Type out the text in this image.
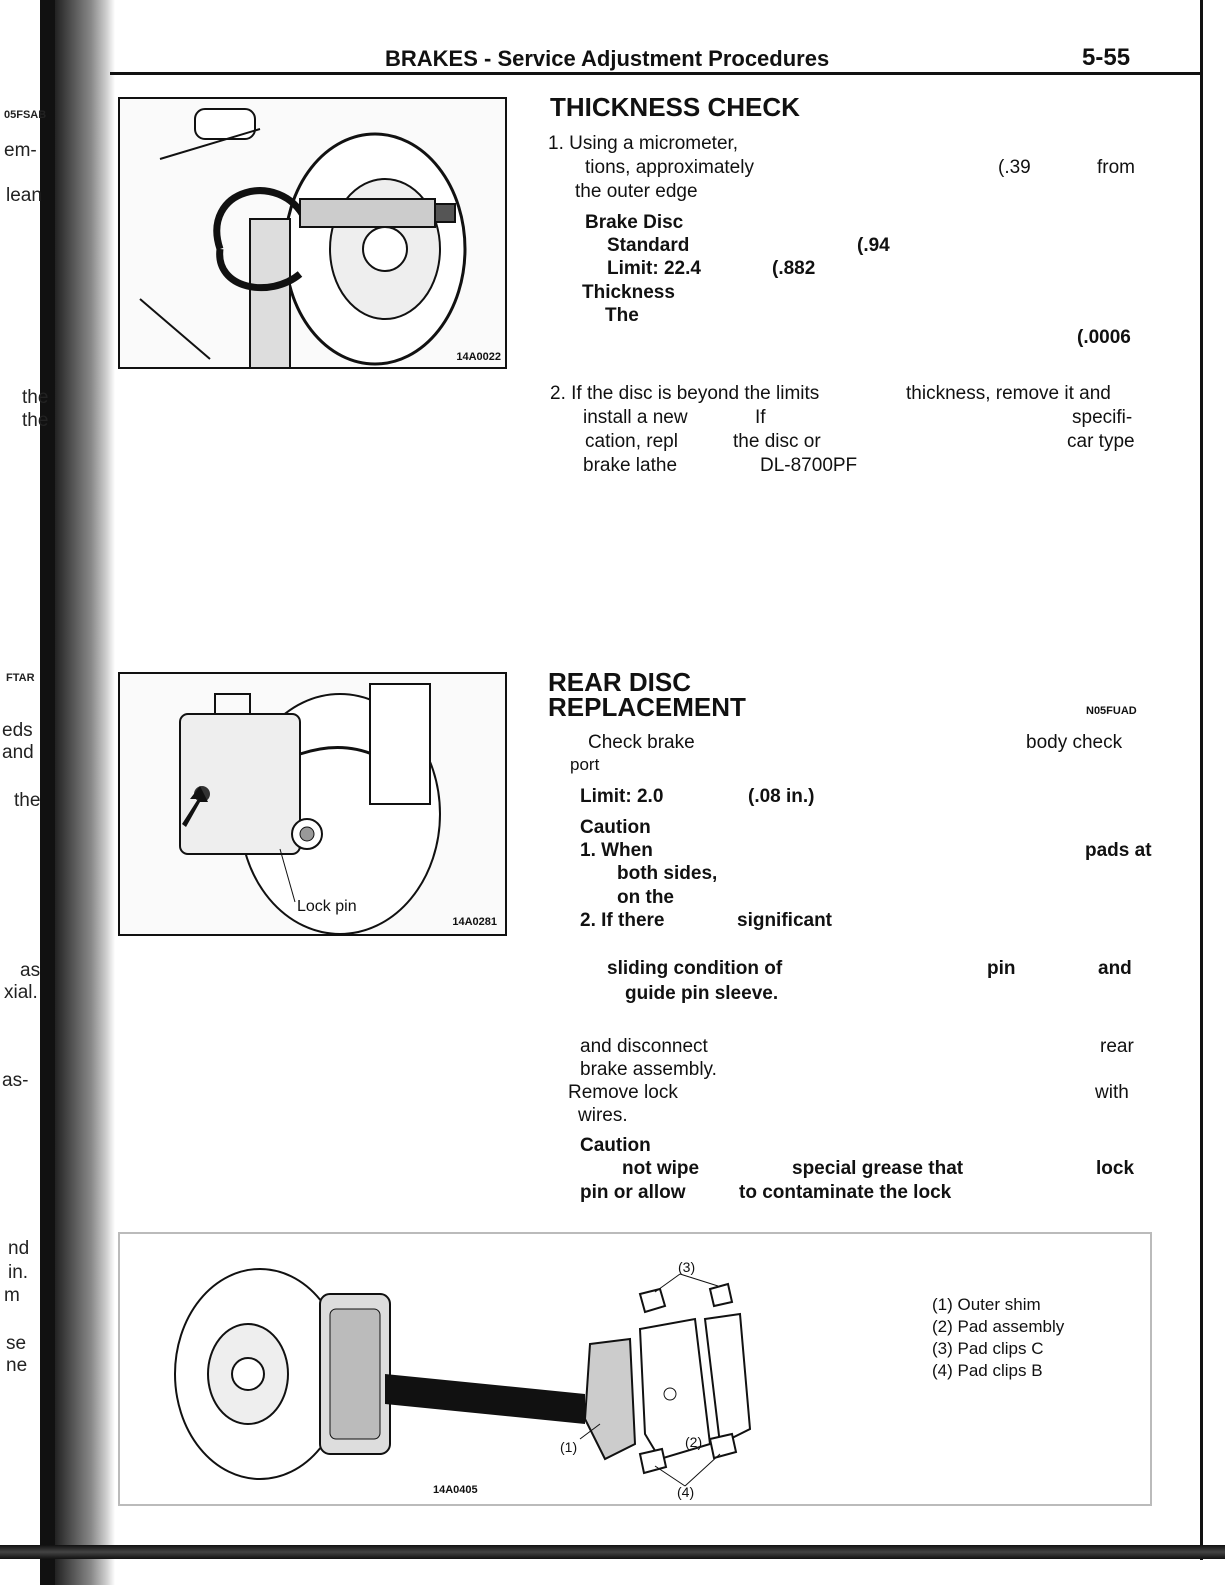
BRAKES - Service Adjustment Procedures	5-55
05FSAB
em-
lean
the
the
FTAR
eds
and
the
as
xial.
as-
nd
in.
m
se
ne
14A0022
THICKNESS CHECK
1. Using a micrometer,
tions, approximately	(.39	from
the outer edge
Brake Disc
Standard	(.94
Limit: 22.4	(.882
Thickness
The
(.0006
2. If the disc is beyond the limits	thickness, remove it and
install a new	If	specifi-
cation, repl	the disc or	car type
brake lathe	DL-8700PF
Lock pin
14A0281
REAR DISC
REPLACEMENT	N05FUAD
Check brake	body check
port
Limit: 2.0	(.08 in.)
Caution
1. When	pads at
both sides,
on the
2. If there	significant
sliding condition of	pin	and
guide pin sleeve.
and disconnect	rear
brake assembly.
Remove lock	with
wires.
Caution
not wipe	special grease that	lock
pin or allow	to contaminate the lock
(3)
(1)	(2)
(4)
(1) Outer shim
(2) Pad assembly
(3) Pad clips C
(4) Pad clips B
14A0405
